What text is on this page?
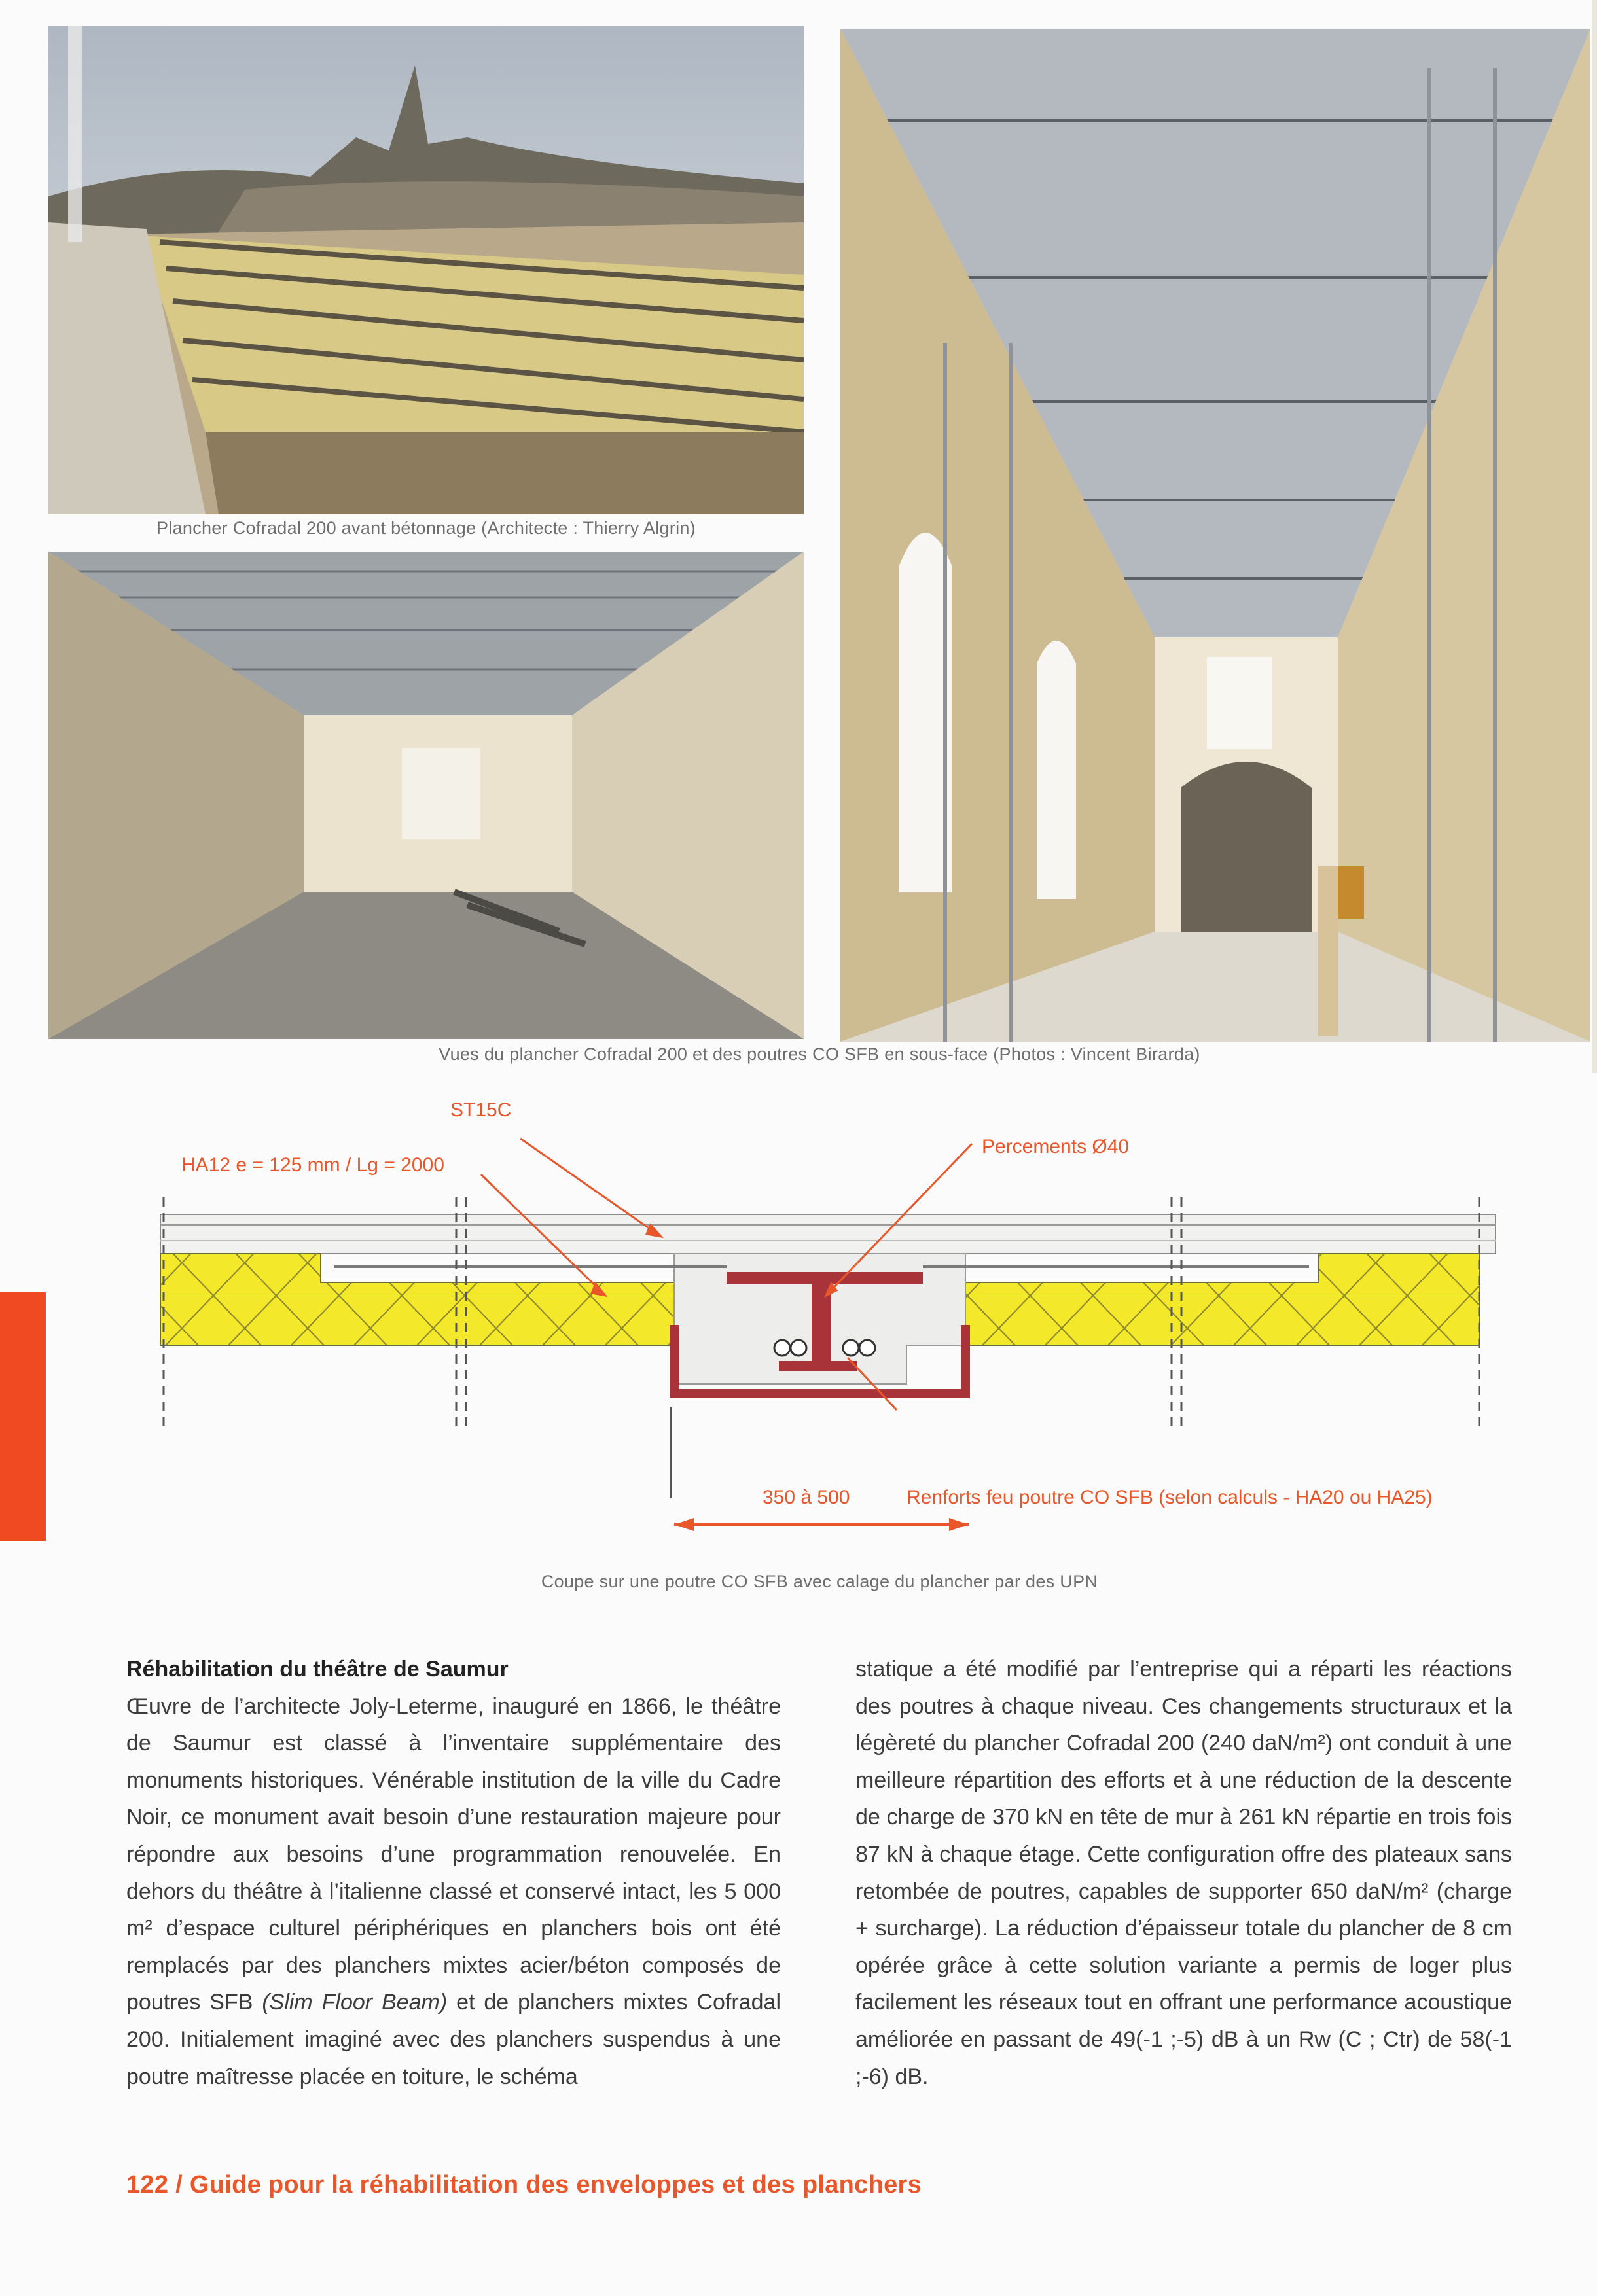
Plancher Cofradal 200 avant bétonnage (Architecte : Thierry Algrin)
Vues du plancher Cofradal 200 et des poutres CO SFB en sous-face (Photos : Vincent Birarda)
ST15C
HA12 e = 125 mm / Lg = 2000
Percements Ø40
350 à 500	Renforts feu poutre CO SFB (selon calculs - HA20 ou HA25)
Coupe sur une poutre CO SFB avec calage du plancher par des UPN

Réhabilitation du théâtre de Saumur

Œuvre de l’architecte Joly-Leterme, inauguré en 1866, le théâtre de Saumur est classé à l’inventaire supplémentaire des monuments historiques. Vénérable institution de la ville du Cadre Noir, ce monument avait besoin d’une restauration majeure pour répondre aux besoins d’une programmation renouvelée. En dehors du théâtre à l’italienne classé et conservé intact, les 5 000 m² d’espace culturel périphériques en planchers bois ont été remplacés par des planchers mixtes acier/béton composés de poutres SFB (Slim Floor Beam) et de planchers mixtes Cofradal 200. Initialement imaginé avec des planchers suspendus à une poutre maîtresse placée en toiture, le schéma

statique a été modifié par l’entreprise qui a réparti les réactions des poutres à chaque niveau. Ces changements structuraux et la légèreté du plancher Cofradal 200 (240 daN/m²) ont conduit à une meilleure répartition des efforts et à une réduction de la descente de charge de 370 kN en tête de mur à 261 kN répartie en trois fois 87 kN à chaque étage. Cette configuration offre des plateaux sans retombée de poutres, capables de supporter 650 daN/m² (charge + surcharge). La réduction d’épaisseur totale du plancher de 8 cm opérée grâce à cette solution variante a permis de loger plus facilement les réseaux tout en offrant une performance acoustique améliorée en passant de 49(-1 ;-5) dB à un Rw (C ; Ctr) de 58(-1 ;-6) dB.

122 / Guide pour la réhabilitation des enveloppes et des planchers
